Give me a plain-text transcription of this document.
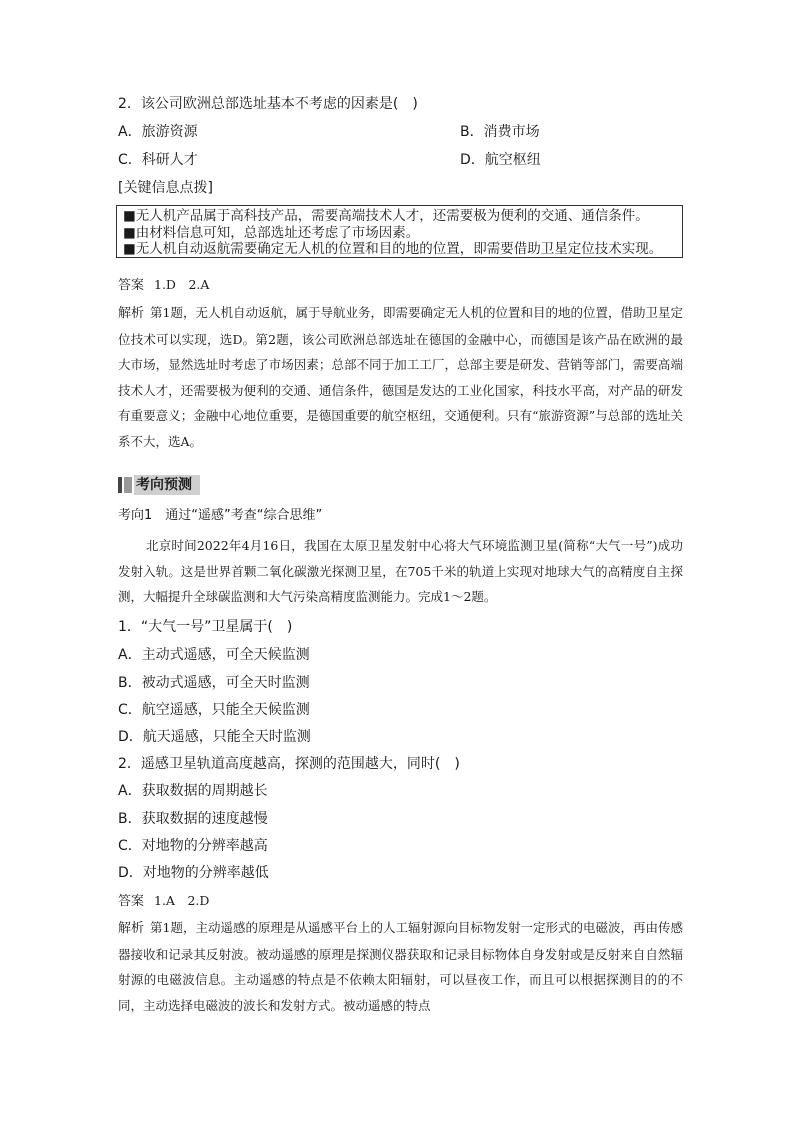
2．该公司欧洲总部选址基本不考虑的因素是(　)
A．旅游资源	B．消费市场
C．科研人才	D．航空枢纽
[关键信息点拨]
■无人机产品属于高科技产品，需要高端技术人才，还需要极为便利的交通、通信条件。
■由材料信息可知，总部选址还考虑了市场因素。
■无人机自动返航需要确定无人机的位置和目的地的位置，即需要借助卫星定位技术实现。
答案 1.D　2.A
解析 第1题，无人机自动返航，属于导航业务，即需要确定无人机的位置和目的地的位置，借助卫星定位技术可以实现，选D。第2题，该公司欧洲总部选址在德国的金融中心，而德国是该产品在欧洲的最大市场，显然选址时考虑了市场因素；总部不同于加工工厂，总部主要是研发、营销等部门，需要高端技术人才，还需要极为便利的交通、通信条件，德国是发达的工业化国家，科技水平高，对产品的研发有重要意义；金融中心地位重要，是德国重要的航空枢纽，交通便利。只有“旅游资源”与总部的选址关系不大，选A。
考向预测
考向1　通过“遥感”考查“综合思维”
北京时间2022年4月16日，我国在太原卫星发射中心将大气环境监测卫星(简称“大气一号”)成功发射入轨。这是世界首颗二氧化碳激光探测卫星，在705千米的轨道上实现对地球大气的高精度自主探测，大幅提升全球碳监测和大气污染高精度监测能力。完成1～2题。
1．“大气一号”卫星属于(　)
A．主动式遥感，可全天候监测
B．被动式遥感，可全天时监测
C．航空遥感，只能全天候监测
D．航天遥感，只能全天时监测
2．遥感卫星轨道高度越高，探测的范围越大，同时(　)
A．获取数据的周期越长
B．获取数据的速度越慢
C．对地物的分辨率越高
D．对地物的分辨率越低
答案 1.A　2.D
解析 第1题，主动遥感的原理是从遥感平台上的人工辐射源向目标物发射一定形式的电磁波，再由传感器接收和记录其反射波。被动遥感的原理是探测仪器获取和记录目标物体自身发射或是反射来自自然辐射源的电磁波信息。主动遥感的特点是不依赖太阳辐射，可以昼夜工作，而且可以根据探测目的的不同，主动选择电磁波的波长和发射方式。被动遥感的特点
